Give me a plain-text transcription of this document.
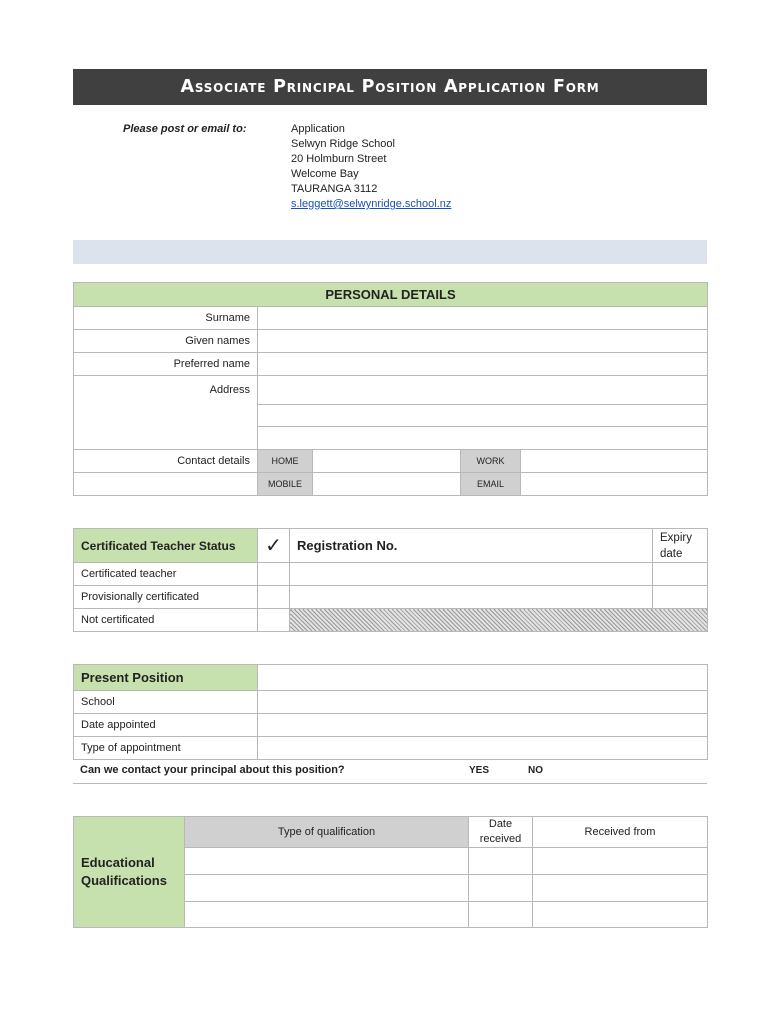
Associate Principal Position Application Form
Please post or email to:	Application
Selwyn Ridge School
20 Holmburn Street
Welcome Bay
TAURANGA 3112
s.leggett@selwynridge.school.nz
PERSONAL DETAILS				
Surname				
Given names				
Preferred name				
Address				

Contact details	HOME		WORK	
	MOBILE		EMAIL	
Certificated Teacher Status	✓	Registration No.	Expiry date
Certificated teacher			
Provisionally certificated			
Not certificated			
Present Position	
School	
Date appointed	
Type of appointment	
Can we contact your principal about this position?	YES	NO
Educational Qualifications	Type of qualification	Date received	Received from
